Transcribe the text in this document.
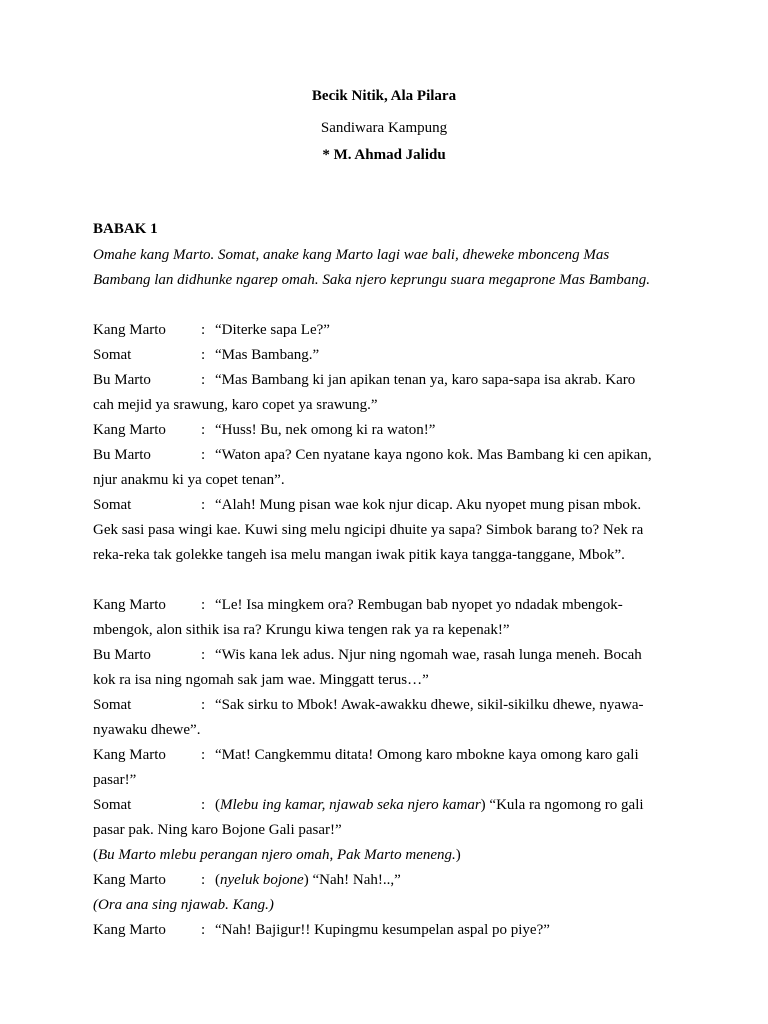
Becik Nitik, Ala Pilara
Sandiwara Kampung
* M. Ahmad Jalidu
BABAK 1

Omahe kang Marto. Somat, anake kang Marto lagi wae bali, dheweke mbonceng Mas

Bambang lan didhunke ngarep omah. Saka njero keprungu suara megaprone Mas Bambang.

Kang Marto : “Diterke sapa Le?”

Somat	: “Mas Bambang.”

Bu Marto	: “Mas Bambang ki jan apikan tenan ya, karo sapa-sapa isa akrab. Karo

cah mejid ya srawung, karo copet ya srawung.”

Kang Marto : “Huss! Bu, nek omong ki ra waton!”

Bu Marto	: “Waton apa? Cen nyatane kaya ngono kok. Mas Bambang ki cen apikan,

njur anakmu ki ya copet tenan”.

Somat	: “Alah! Mung pisan wae kok njur dicap. Aku nyopet mung pisan mbok.

Gek sasi pasa wingi kae. Kuwi sing melu ngicipi dhuite ya sapa? Simbok barang to? Nek ra

reka-reka tak golekke tangeh isa melu mangan iwak pitik kaya tangga-tanggane, Mbok”.

Kang Marto : “Le! Isa mingkem ora? Rembugan bab nyopet yo ndadak mbengok-

mbengok, alon sithik isa ra? Krungu kiwa tengen rak ya ra kepenak!”

Bu Marto	: “Wis kana lek adus. Njur ning ngomah wae, rasah lunga meneh. Bocah

kok ra isa ning ngomah sak jam wae. Minggatt terus…”

Somat	: “Sak sirku to Mbok! Awak-awakku dhewe, sikil-sikilku dhewe, nyawa-

nyawaku dhewe”.

Kang Marto : “Mat! Cangkemmu ditata! Omong karo mbokne kaya omong karo gali

pasar!”

Somat	: (Mlebu ing kamar, njawab seka njero kamar) “Kula ra ngomong ro gali

pasar pak. Ning karo Bojone Gali pasar!”

(Bu Marto mlebu perangan njero omah, Pak Marto meneng.)

Kang Marto : (nyeluk bojone) “Nah! Nah!..,”

(Ora ana sing njawab. Kang.)

Kang Marto : “Nah! Bajigur!! Kupingmu kesumpelan aspal po piye?”
